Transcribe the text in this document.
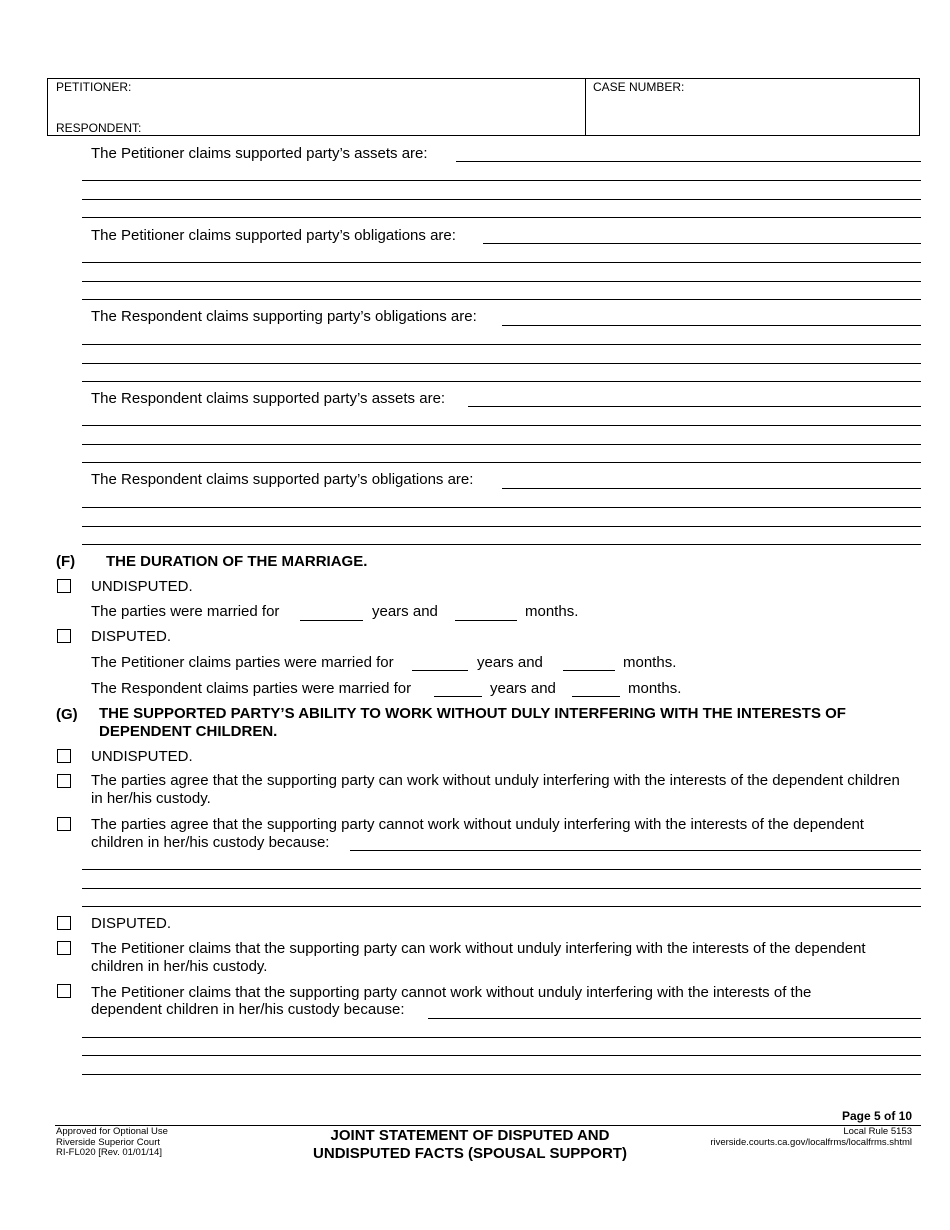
PETITIONER:
RESPONDENT:
CASE NUMBER:
The Petitioner claims supported party’s assets are:
The Petitioner claims supported party’s obligations are:
The Respondent claims supporting party’s obligations are:
The Respondent claims supported party’s assets are:
The Respondent claims supported party’s obligations are:
(F) THE DURATION OF THE MARRIAGE.
UNDISPUTED.
The parties were married for	years and	months.
DISPUTED.
The Petitioner claims parties were married for	years and	months.
The Respondent claims parties were married for	years and	months.
(G) THE SUPPORTED PARTY’S ABILITY TO WORK WITHOUT DULY INTERFERING WITH THE INTERESTS OF DEPENDENT CHILDREN.
UNDISPUTED.
The parties agree that the supporting party can work without unduly interfering with the interests of the dependent children in her/his custody.
The parties agree that the supporting party cannot work without unduly interfering with the interests of the dependent
children in her/his custody because:
DISPUTED.
The Petitioner claims that the supporting party can work without unduly interfering with the interests of the dependent children in her/his custody.
The Petitioner claims that the supporting party cannot work without unduly interfering with the interests of the
dependent children in her/his custody because:
Page 5 of 10
Approved for Optional Use
Riverside Superior Court
RI-FL020 [Rev. 01/01/14]
JOINT STATEMENT OF DISPUTED AND
UNDISPUTED FACTS (SPOUSAL SUPPORT)
Local Rule 5153
riverside.courts.ca.gov/localfrms/localfrms.shtml
